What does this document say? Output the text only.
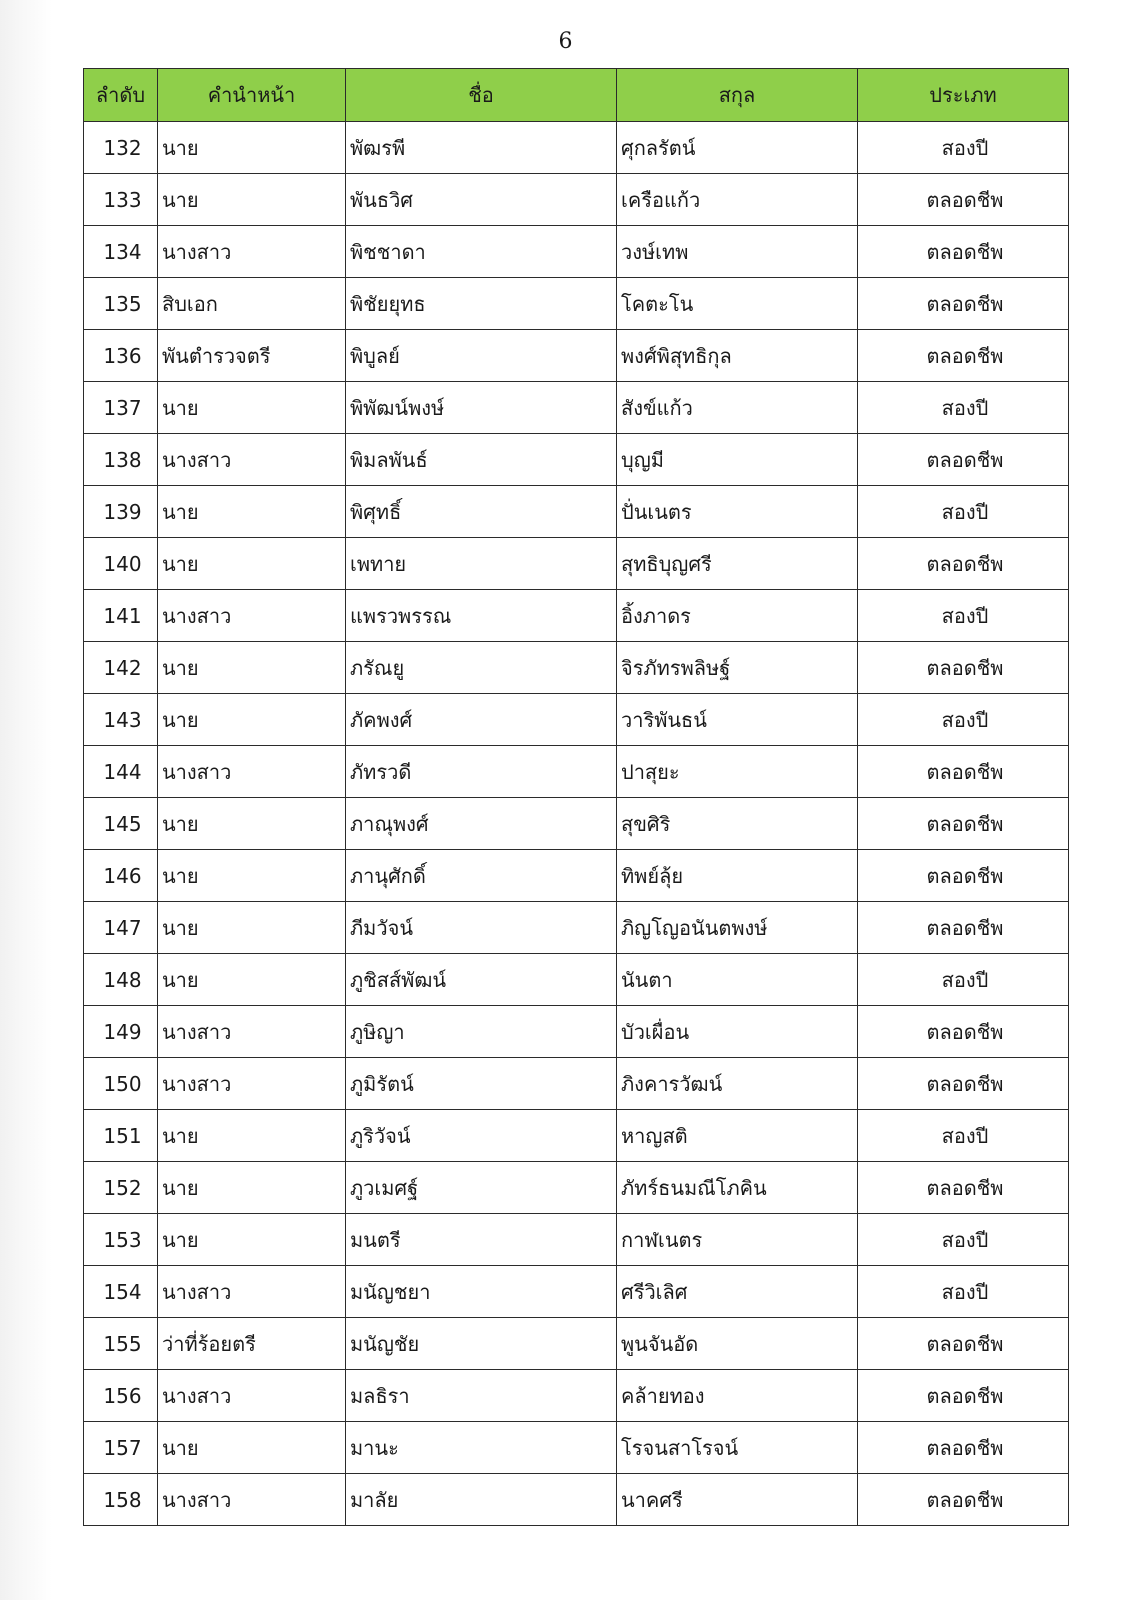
6
ลำดับ	คำนำหน้า	ชื่อ	สกุล	ประเภท
132	นาย	พัฒรพี	ศุกลรัตน์	สองปี
133	นาย	พันธวิศ	เครือแก้ว	ตลอดชีพ
134	นางสาว	พิชชาดา	วงษ์เทพ	ตลอดชีพ
135	สิบเอก	พิชัยยุทธ	โคตะโน	ตลอดชีพ
136	พันตำรวจตรี	พิบูลย์	พงศ์พิสุทธิกุล	ตลอดชีพ
137	นาย	พิพัฒน์พงษ์	สังข์แก้ว	สองปี
138	นางสาว	พิมลพันธ์	บุญมี	ตลอดชีพ
139	นาย	พิศุทธิ์	ปั่นเนตร	สองปี
140	นาย	เพทาย	สุทธิบุญศรี	ตลอดชีพ
141	นางสาว	แพรวพรรณ	อิ้งภาดร	สองปี
142	นาย	ภรัณยู	จิรภัทรพลิษฐ์	ตลอดชีพ
143	นาย	ภัคพงศ์	วาริพันธน์	สองปี
144	นางสาว	ภัทรวดี	ปาสุยะ	ตลอดชีพ
145	นาย	ภาณุพงศ์	สุขศิริ	ตลอดชีพ
146	นาย	ภานุศักดิ์	ทิพย์ลุ้ย	ตลอดชีพ
147	นาย	ภีมวัจน์	ภิญโญอนันตพงษ์	ตลอดชีพ
148	นาย	ภูชิสส์พัฒน์	นันตา	สองปี
149	นางสาว	ภูษิญา	บัวเผื่อน	ตลอดชีพ
150	นางสาว	ภูมิรัตน์	ภิงคารวัฒน์	ตลอดชีพ
151	นาย	ภูริวัจน์	หาญสติ	สองปี
152	นาย	ภูวเมศฐ์	ภัทร์ธนมณีโภคิน	ตลอดชีพ
153	นาย	มนตรี	กาฬเนตร	สองปี
154	นางสาว	มนัญชยา	ศรีวิเลิศ	สองปี
155	ว่าที่ร้อยตรี	มนัญชัย	พูนจันอัด	ตลอดชีพ
156	นางสาว	มลธิรา	คล้ายทอง	ตลอดชีพ
157	นาย	มานะ	โรจนสาโรจน์	ตลอดชีพ
158	นางสาว	มาลัย	นาคศรี	ตลอดชีพ
